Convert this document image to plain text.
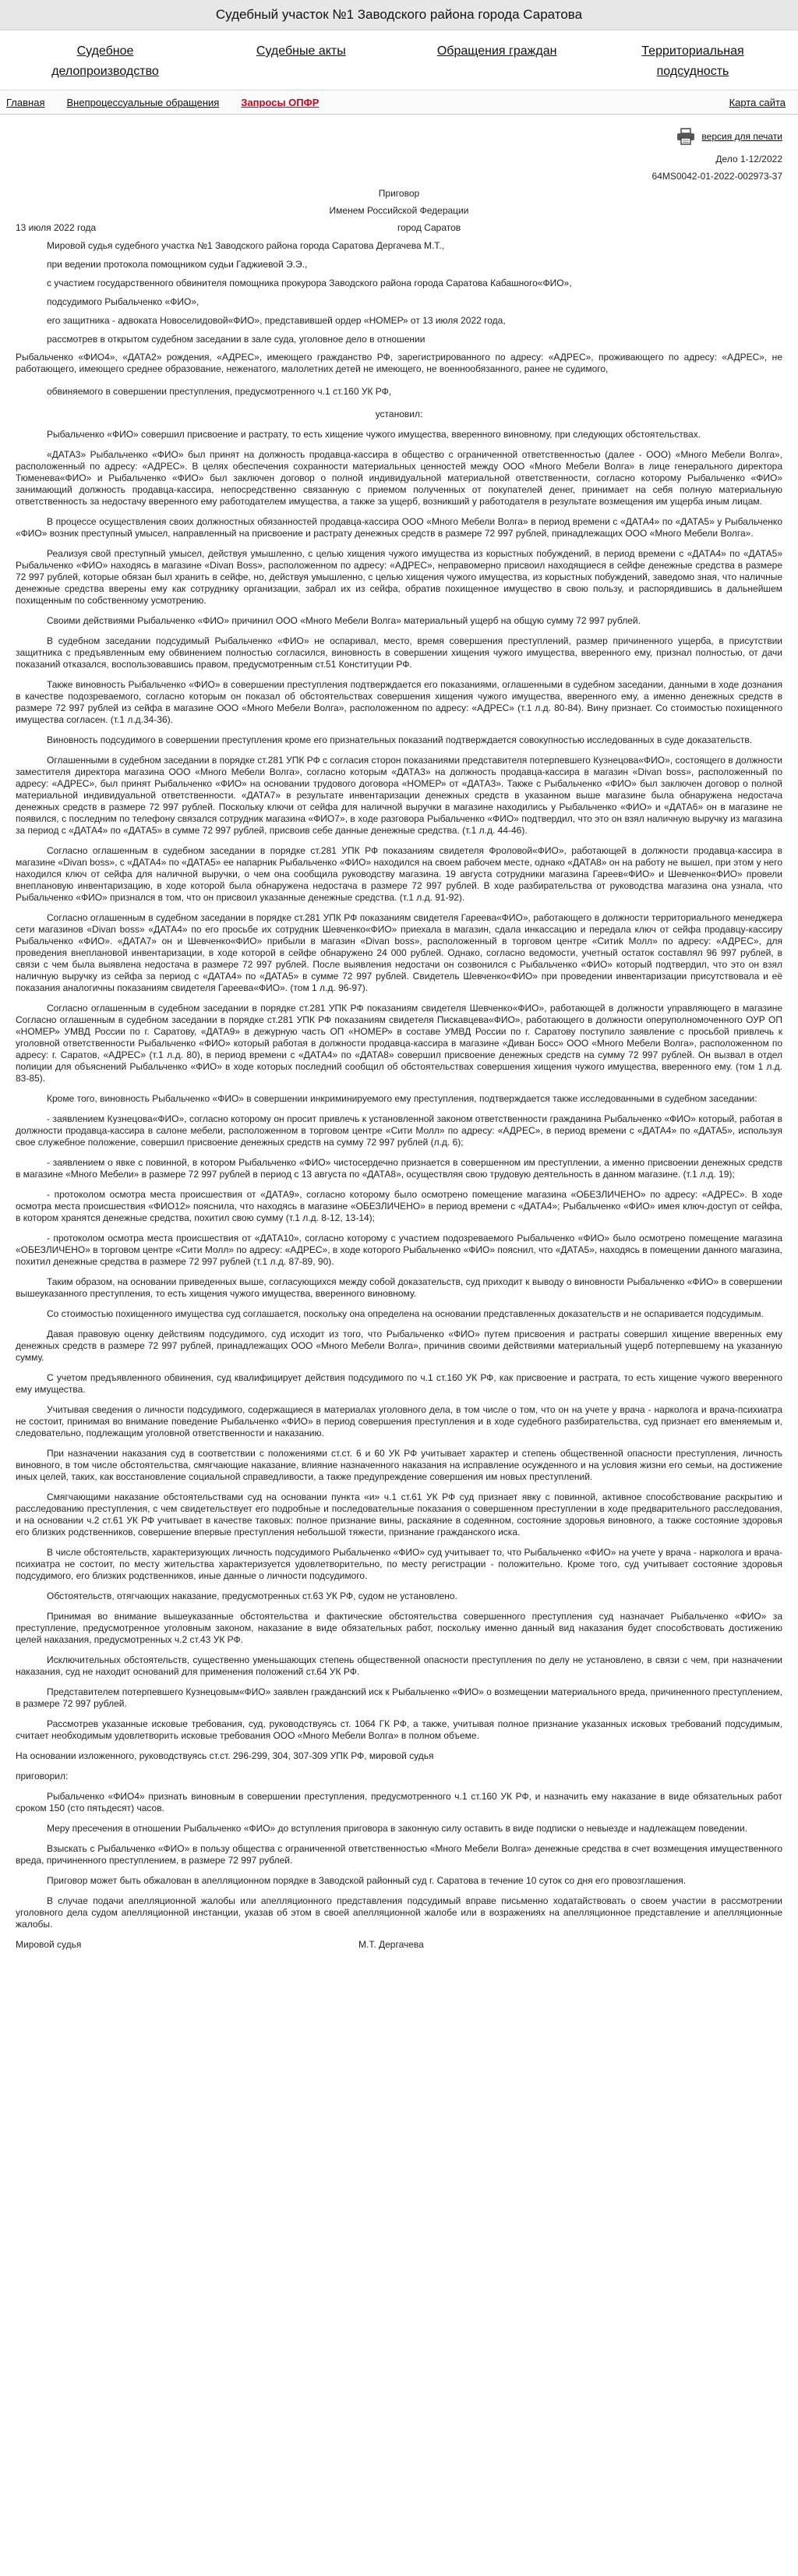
Судебный участок №1 Заводского района города Саратова
Судебное делопроизводство
Судебные акты	Обращения граждан	Территориальная подсудность
Главная Внепроцессуальные обращения Запросы ОПФР	Карта сайта
версия для печати
Дело 1-12/2022
64MS0042-01-2022-002973-37
Приговор
Именем Российской Федерации
13 июля 2022 года	город Саратов

Мировой судья судебного участка №1 Заводского района города Саратова Дергачева М.Т.,

при ведении протокола помощником судьи Гаджиевой Э.Э.,

с участием государственного обвинителя помощника прокурора Заводского района города Саратова Кабашного«ФИО»,

подсудимого Рыбальченко «ФИО»,

его защитника - адвоката Новоселидовой«ФИО», представившей ордер «НОМЕР» от 13 июля 2022 года,

рассмотрев в открытом судебном заседании в зале суда, уголовное дело в отношении

Рыбальченко «ФИО4», «ДАТА2» рождения, «АДРЕС», имеющего гражданство РФ, зарегистрированного по адресу: «АДРЕС», проживающего по адресу: «АДРЕС», не работающего, имеющего среднее образование, неженатого, малолетних детей не имеющего, не военнообязанного, ранее не судимого,

обвиняемого в совершении преступления, предусмотренного ч.1 ст.160 УК РФ,

установил:

Рыбальченко «ФИО» совершил присвоение и растрату, то есть хищение чужого имущества, вверенного виновному, при следующих обстоятельствах.

«ДАТА3» Рыбальченко «ФИО» был принят на должность продавца-кассира в общество с ограниченной ответственностью (далее - ООО) «Много Мебели Волга», расположенный по адресу: «АДРЕС». В целях обеспечения сохранности материальных ценностей между ООО «Много Мебели Волга» в лице генерального директора Тюменева«ФИО» и Рыбальченко «ФИО» был заключен договор о полной индивидуальной материальной ответственности, согласно которому Рыбальченко «ФИО» занимающий должность продавца-кассира, непосредственно связанную с приемом полученных от покупателей денег, принимает на себя полную материальную ответственность за недостачу вверенного ему работодателем имущества, а также за ущерб, возникший у работодателя в результате возмещения им ущерба иным лицам.

В процессе осуществления своих должностных обязанностей продавца-кассира ООО «Много Мебели Волга» в период времени с «ДАТА4» по «ДАТА5» у Рыбальченко «ФИО» возник преступный умысел, направленный на присвоение и растрату денежных средств в размере 72 997 рублей, принадлежащих ООО «Много Мебели Волга».

Реализуя свой преступный умысел, действуя умышленно, с целью хищения чужого имущества из корыстных побуждений, в период времени с «ДАТА4» по «ДАТА5» Рыбальченко «ФИО» находясь в магазине «Divan Boss», расположенном по адресу: «АДРЕС», неправомерно присвоил находящиеся в сейфе денежные средства в размере 72 997 рублей, которые обязан был хранить в сейфе, но, действуя умышленно, с целью хищения чужого имущества, из корыстных побуждений, заведомо зная, что наличные денежные средства вверены ему как сотруднику организации, забрал их из сейфа, обратив похищенное имущество в свою пользу, и распорядившись в дальнейшем похищенным по собственному усмотрению.

Своими действиями Рыбальченко «ФИО» причинил ООО «Много Мебели Волга» материальный ущерб на общую сумму 72 997 рублей.

В судебном заседании подсудимый Рыбальченко «ФИО» не оспаривал, место, время совершения преступлений, размер причиненного ущерба, в присутствии защитника с предъявленным ему обвинением полностью согласился, виновность в совершении хищения чужого имущества, вверенного ему, признал полностью, от дачи показаний отказался, воспользовавшись правом, предусмотренным ст.51 Конституции РФ.

Также виновность Рыбальченко «ФИО» в совершении преступления подтверждается его показаниями, оглашенными в судебном заседании, данными в ходе дознания в качестве подозреваемого, согласно которым он показал об обстоятельствах совершения хищения чужого имущества, вверенного ему, а именно денежных средств в размере 72 997 рублей из сейфа в магазине ООО «Много Мебели Волга», расположенном по адресу: «АДРЕС» (т.1 л.д. 80-84). Вину признает. Со стоимостью похищенного имущества согласен. (т.1 л.д.34-36).

Виновность подсудимого в совершении преступления кроме его признательных показаний подтверждается совокупностью исследованных в суде доказательств.

Оглашенными в судебном заседании в порядке ст.281 УПК РФ с согласия сторон показаниями представителя потерпевшего Кузнецова«ФИО», состоящего в должности заместителя директора магазина ООО «Много Мебели Волга», согласно которым «ДАТА3» на должность продавца-кассира в магазин «Divan boss», расположенный по адресу: «АДРЕС», был принят Рыбальченко «ФИО» на основании трудового договора «НОМЕР» от «ДАТА3». Также с Рыбальченко «ФИО» был заключен договор о полной материальной индивидуальной ответственности. «ДАТА7» в результате инвентаризации денежных средств в указанном выше магазине была обнаружена недостача денежных средств в размере 72 997 рублей. Поскольку ключи от сейфа для наличной выручки в магазине находились у Рыбальченко «ФИО» и «ДАТА6» он в магазине не появился, с последним по телефону связался сотрудник магазина «ФИО7», в ходе разговора Рыбальченко «ФИО» подтвердил, что это он взял наличную выручку из магазина за период с «ДАТА4» по «ДАТА5» в сумме 72 997 рублей, присвоив себе данные денежные средства. (т.1 л.д. 44-46).

Согласно оглашенным в судебном заседании в порядке ст.281 УПК РФ показаниям свидетеля Фроловой«ФИО», работающей в должности продавца-кассира в магазине «Divan boss», с «ДАТА4» по «ДАТА5» ее напарник Рыбальченко «ФИО» находился на своем рабочем месте, однако «ДАТА8» он на работу не вышел, при этом у него находился ключ от сейфа для наличной выручки, о чем она сообщила руководству магазина. 19 августа сотрудники магазина Гареев«ФИО» и Шевченко«ФИО» провели внеплановую инвентаризацию, в ходе которой была обнаружена недостача в размере 72 997 рублей. В ходе разбирательства от руководства магазина она узнала, что Рыбальченко «ФИО» признался в том, что он присвоил указанные денежные средства. (т.1 л.д. 91-92).

Согласно оглашенным в судебном заседании в порядке ст.281 УПК РФ показаниям свидетеля Гареева«ФИО», работающего в должности территориального менеджера сети магазинов «Divan boss» «ДАТА4» по его просьбе их сотрудник Шевченко«ФИО» приехала в магазин, сдала инкассацию и передала ключ от сейфа продавцу-кассиру Рыбальченко «ФИО». «ДАТА7» он и Шевченко«ФИО» прибыли в магазин «Divan boss», расположенный в торговом центре «Ситиk Молл» по адресу: «АДРЕС», для проведения внеплановой инвентаризации, в ходе которой в сейфе обнаружено 24 000 рублей. Однако, согласно ведомости, учетный остаток составлял 96 997 рублей, в связи с чем была выявлена недостача в размере 72 997 рублей. После выявления недостачи он созвонился с Рыбальченко «ФИО» который подтвердил, что это он взял наличную выручку из сейфа за период с «ДАТА4» по «ДАТА5» в сумме 72 997 рублей. Свидетель Шевченко«ФИО» при проведении инвентаризации присутствовала и её показания аналогичны показаниям свидетеля Гареева«ФИО». (том 1 л.д. 96-97).

Согласно оглашенным в судебном заседании в порядке ст.281 УПК РФ показаниям свидетеля Шевченко«ФИО», работающей в должности управляющего в магазине Согласно оглашенным в судебном заседании в порядке ст.281 УПК РФ показаниям свидетеля Пискавцева«ФИО», работающего в должности оперуполномоченного ОУР ОП «НОМЕР» УМВД России по г. Саратову, «ДАТА9» в дежурную часть ОП «НОМЕР» в составе УМВД России по г. Саратову поступило заявление с просьбой привлечь к уголовной ответственности Рыбальченко «ФИО» который работая в должности продавца-кассира в магазине «Диван Босс» ООО «Много Мебели Волга», расположенном по адресу: г. Саратов, «АДРЕС» (т.1 л.д. 80), в период времени с «ДАТА4» по «ДАТА8» совершил присвоение денежных средств на сумму 72 997 рублей. Он вызвал в отдел полиции для объяснений Рыбальченко «ФИО» в ходе которых последний сообщил об обстоятельствах совершения хищения чужого имущества, вверенного ему. (том 1 л.д. 83-85).

Кроме того, виновность Рыбальченко «ФИО» в совершении инкриминируемого ему преступления, подтверждается также исследованными в судебном заседании:

- заявлением Кузнецова«ФИО», согласно которому он просит привлечь к установленной законом ответственности гражданина Рыбальченко «ФИО» который, работая в должности продавца-кассира в салоне мебели, расположенном в торговом центре «Сити Молл» по адресу: «АДРЕС», в период времени с «ДАТА4» по «ДАТА5», используя свое служебное положение, совершил присвоение денежных средств на сумму 72 997 рублей (л.д. 6);

- заявлением о явке с повинной, в котором Рыбальченко «ФИО» чистосердечно признается в совершенном им преступлении, а именно присвоении денежных средств в магазине «Много Мебели» в размере 72 997 рублей в период с 13 августа по «ДАТА8», осуществляя свою трудовую деятельность в данном магазине. (т.1 л.д. 19);

- протоколом осмотра места происшествия от «ДАТА9», согласно которому было осмотрено помещение магазина «ОБЕЗЛИЧЕНО» по адресу: «АДРЕС». В ходе осмотра места происшествия «ФИО12» пояснила, что находясь в магазине «ОБЕЗЛИЧЕНО» в период времени с «ДАТА4»; Рыбальченко «ФИО» имея ключ-доступ от сейфа, в котором хранятся денежные средства, похитил свою сумму (т.1 л.д. 8-12, 13-14);

- протоколом осмотра места происшествия от «ДАТА10», согласно которому с участием подозреваемого Рыбальченко «ФИО» было осмотрено помещение магазина «ОБЕЗЛИЧЕНО» в торговом центре «Сити Молл» по адресу: «АДРЕС», в ходе которого Рыбальченко «ФИО» пояснил, что «ДАТА5», находясь в помещении данного магазина, похитил денежные средства в размере 72 997 рублей (т.1 л.д. 87-89, 90).

Таким образом, на основании приведенных выше, согласующихся между собой доказательств, суд приходит к выводу о виновности Рыбальченко «ФИО» в совершении вышеуказанного преступления, то есть хищения чужого имущества, вверенного виновному.

Со стоимостью похищенного имущества суд соглашается, поскольку она определена на основании представленных доказательств и не оспаривается подсудимым.

Давая правовую оценку действиям подсудимого, суд исходит из того, что Рыбальченко «ФИО» путем присвоения и растраты совершил хищение вверенных ему денежных средств в размере 72 997 рублей, принадлежащих ООО «Много Мебели Волга», причинив своими действиями материальный ущерб потерпевшему на указанную сумму.

С учетом предъявленного обвинения, суд квалифицирует действия подсудимого по ч.1 ст.160 УК РФ, как присвоение и растрата, то есть хищение чужого вверенного ему имущества.

Учитывая сведения о личности подсудимого, содержащиеся в материалах уголовного дела, в том числе о том, что он на учете у врача - нарколога и врача-психиатра не состоит, принимая во внимание поведение Рыбальченко «ФИО» в период совершения преступления и в ходе судебного разбирательства, суд признает его вменяемым и, следовательно, подлежащим уголовной ответственности и наказанию.

При назначении наказания суд в соответствии с положениями ст.ст. 6 и 60 УК РФ учитывает характер и степень общественной опасности преступления, личность виновного, в том числе обстоятельства, смягчающие наказание, влияние назначенного наказания на исправление осужденного и на условия жизни его семьи, на достижение иных целей, таких, как восстановление социальной справедливости, а также предупреждение совершения им новых преступлений.

Смягчающими наказание обстоятельствами суд на основании пункта «и» ч.1 ст.61 УК РФ суд признает явку с повинной, активное способствование раскрытию и расследованию преступления, с чем свидетельствует его подробные и последовательные показания о совершенном преступлении в ходе предварительного расследования, и на основании ч.2 ст.61 УК РФ учитывает в качестве таковых: полное признание вины, раскаяние в содеянном, состояние здоровья виновного, а также состояние здоровья его близких родственников, совершение впервые преступления небольшой тяжести, признание гражданского иска.

В числе обстоятельств, характеризующих личность подсудимого Рыбальченко «ФИО» суд учитывает то, что Рыбальченко «ФИО» на учете у врача - нарколога и врача-психиатра не состоит, по месту жительства характеризуется удовлетворительно, по месту регистрации - положительно. Кроме того, суд учитывает состояние здоровья подсудимого, его близких родственников, иные данные о личности подсудимого.

Обстоятельств, отягчающих наказание, предусмотренных ст.63 УК РФ, судом не установлено.

Принимая во внимание вышеуказанные обстоятельства и фактические обстоятельства совершенного преступления суд назначает Рыбальченко «ФИО» за преступление, предусмотренное уголовным законом, наказание в виде обязательных работ, поскольку именно данный вид наказания будет способствовать достижению целей наказания, предусмотренных ч.2 ст.43 УК РФ.

Исключительных обстоятельств, существенно уменьшающих степень общественной опасности преступления по делу не установлено, в связи с чем, при назначении наказания, суд не находит оснований для применения положений ст.64 УК РФ.

Представителем потерпевшего Кузнецовым«ФИО» заявлен гражданский иск к Рыбальченко «ФИО» о возмещении материального вреда, причиненного преступлением, в размере 72 997 рублей.

Рассмотрев указанные исковые требования, суд, руководствуясь ст. 1064 ГК РФ, а также, учитывая полное признание указанных исковых требований подсудимым, считает необходимым удовлетворить исковые требования ООО «Много Мебели Волга» в полном объеме.

На основании изложенного, руководствуясь ст.ст. 296-299, 304, 307-309 УПК РФ, мировой судья

приговорил:

Рыбальченко «ФИО4» признать виновным в совершении преступления, предусмотренного ч.1 ст.160 УК РФ, и назначить ему наказание в виде обязательных работ сроком 150 (сто пятьдесят) часов.

Меру пресечения в отношении Рыбальченко «ФИО» до вступления приговора в законную силу оставить в виде подписки о невыезде и надлежащем поведении.

Взыскать с Рыбальченко «ФИО» в пользу общества с ограниченной ответственностью «Много Мебели Волга» денежные средства в счет возмещения имущественного вреда, причиненного преступлением, в размере 72 997 рублей.

Приговор может быть обжалован в апелляционном порядке в Заводской районный суд г. Саратова в течение 10 суток со дня его провозглашения.

В случае подачи апелляционной жалобы или апелляционного представления подсудимый вправе письменно ходатайствовать о своем участии в рассмотрении уголовного дела судом апелляционной инстанции, указав об этом в своей апелляционной жалобе или в возражениях на апелляционное представление и апелляционные жалобы.

Мировой судья	М.Т. Дергачева
